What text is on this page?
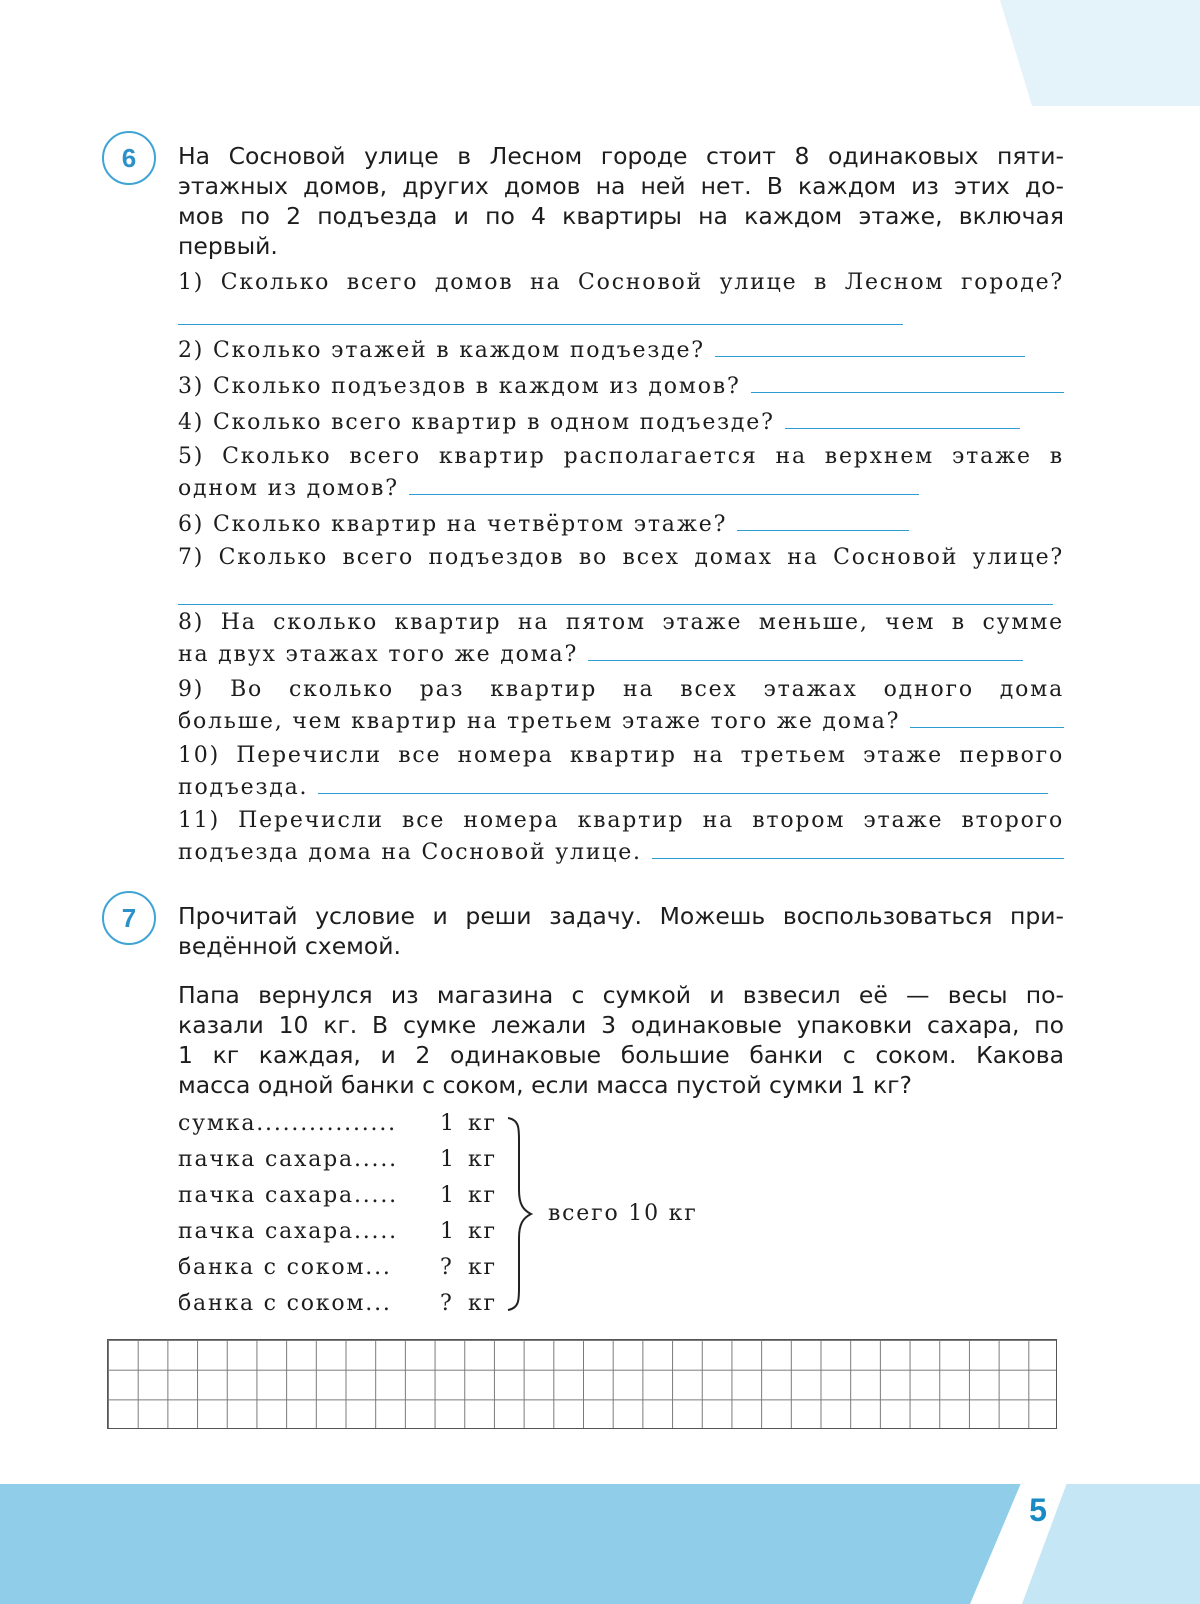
6	На Сосновой улице в Лесном городе стоит 8 одинаковых пяти-
этажных домов, других домов на ней нет. В каждом из этих до-
мов по 2 подъезда и по 4 квартиры на каждом этаже, включая
первый.
1) Сколько всего домов на Сосновой улице в Лесном городе?
2) Сколько этажей в каждом подъезде?
3) Сколько подъездов в каждом из домов?
4) Сколько всего квартир в одном подъезде?
5) Сколько всего квартир располагается на верхнем этаже в
одном из домов?
6) Сколько квартир на четвёртом этаже?
7) Сколько всего подъездов во всех домах на Сосновой улице?
8) На сколько квартир на пятом этаже меньше, чем в сумме
на двух этажах того же дома?
9) Во сколько раз квартир на всех этажах одного дома
больше, чем квартир на третьем этаже того же дома?
10) Перечисли все номера квартир на третьем этаже первого
подъезда.
11) Перечисли все номера квартир на втором этаже второго
подъезда дома на Сосновой улице.
7	Прочитай условие и реши задачу. Можешь воспользоваться при-
ведённой схемой.
Папа вернулся из магазина с сумкой и взвесил её — весы по-
казали 10 кг. В сумке лежали 3 одинаковые упаковки сахара, по
1 кг каждая, и 2 одинаковые большие банки с соком. Какова
масса одной банки с соком, если масса пустой сумки 1 кг?
сумка................ 1 кг
пачка сахара..... 1 кг
пачка сахара..... 1 кг
пачка сахара..... 1 кг
банка с соком... ? кг
банка с соком... ? кг
всего 10 кг
5
